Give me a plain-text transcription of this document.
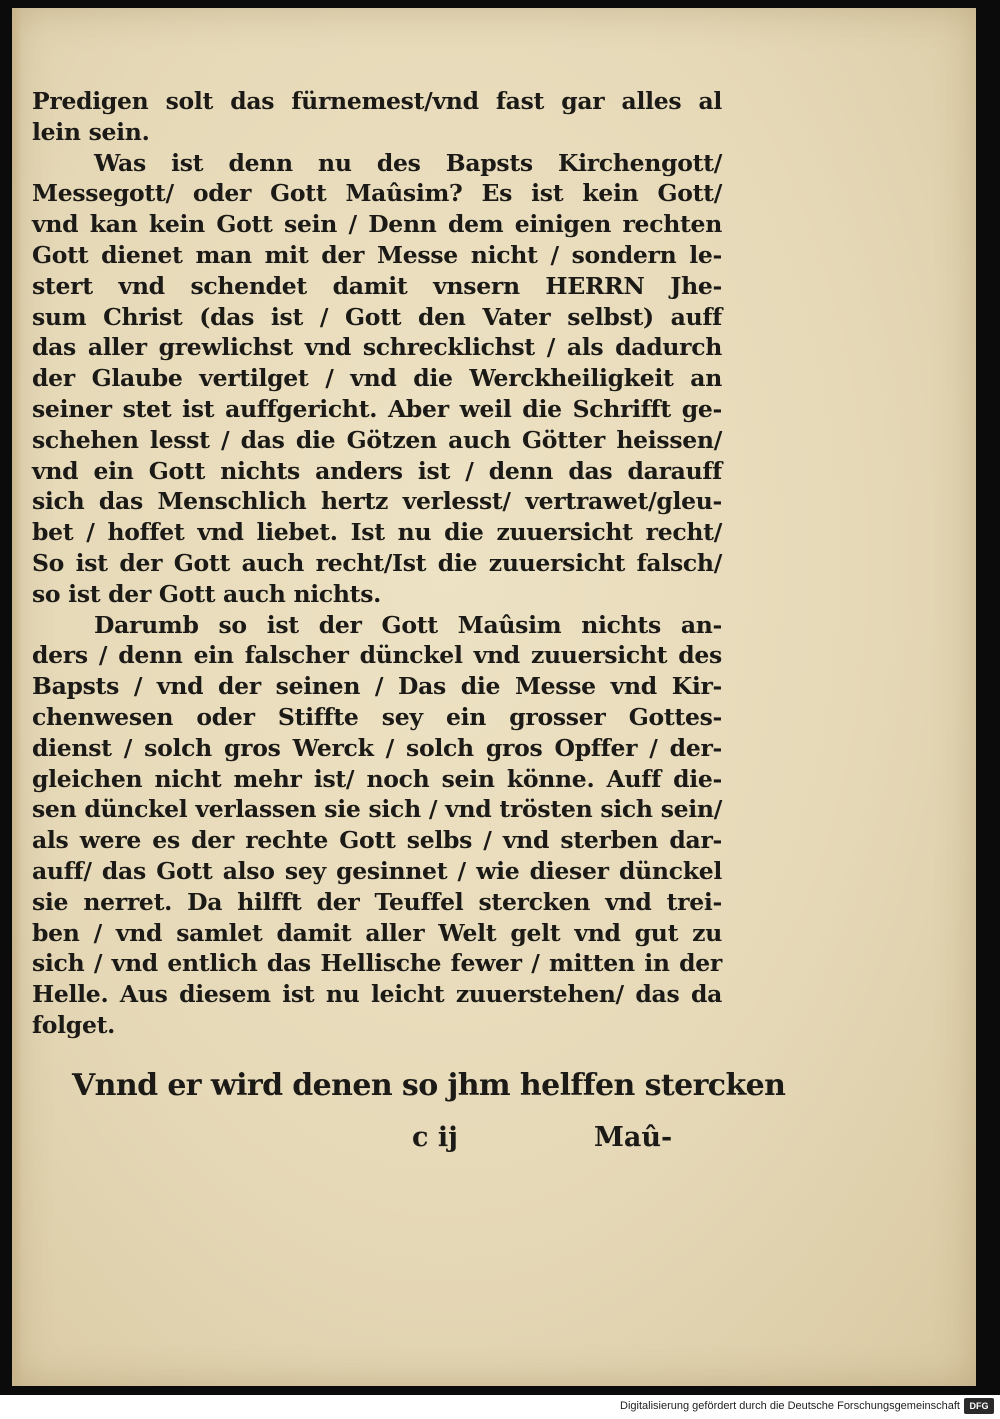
Predigen solt das fürnemest/vnd fast gar alles al
lein sein.
Was ist denn nu des Bapsts Kirchengott/
Messegott/ oder Gott Maûsim? Es ist kein Gott/
vnd kan kein Gott sein / Denn dem einigen rechten
Gott dienet man mit der Messe nicht / sondern le-
stert vnd schendet damit vnsern HERRN Jhe-
sum Christ (das ist / Gott den Vater selbst) auff
das aller grewlichst vnd schrecklichst / als dadurch
der Glaube vertilget / vnd die Werckheiligkeit an
seiner stet ist auffgericht. Aber weil die Schrifft ge-
schehen lesst / das die Götzen auch Götter heissen/
vnd ein Gott nichts anders ist / denn das darauff
sich das Menschlich hertz verlesst/ vertrawet/gleu-
bet / hoffet vnd liebet. Ist nu die zuuersicht recht/
So ist der Gott auch recht/Ist die zuuersicht falsch/
so ist der Gott auch nichts.
Darumb so ist der Gott Maûsim nichts an-
ders / denn ein falscher dünckel vnd zuuersicht des
Bapsts / vnd der seinen / Das die Messe vnd Kir-
chenwesen oder Stiffte sey ein grosser Gottes-
dienst / solch gros Werck / solch gros Opffer / der-
gleichen nicht mehr ist/ noch sein könne. Auff die-
sen dünckel verlassen sie sich / vnd trösten sich sein/
als were es der rechte Gott selbs / vnd sterben dar-
auff/ das Gott also sey gesinnet / wie dieser dünckel
sie nerret. Da hilfft der Teuffel stercken vnd trei-
ben / vnd samlet damit aller Welt gelt vnd gut zu
sich / vnd entlich das Hellische fewer / mitten in der
Helle. Aus diesem ist nu leicht zuuerstehen/ das da
folget.
Vnnd er wird denen so jhm helffen stercken
c ij	Maû-
Digitalisierung gefördert durch die Deutsche Forschungsgemeinschaft	DFG
